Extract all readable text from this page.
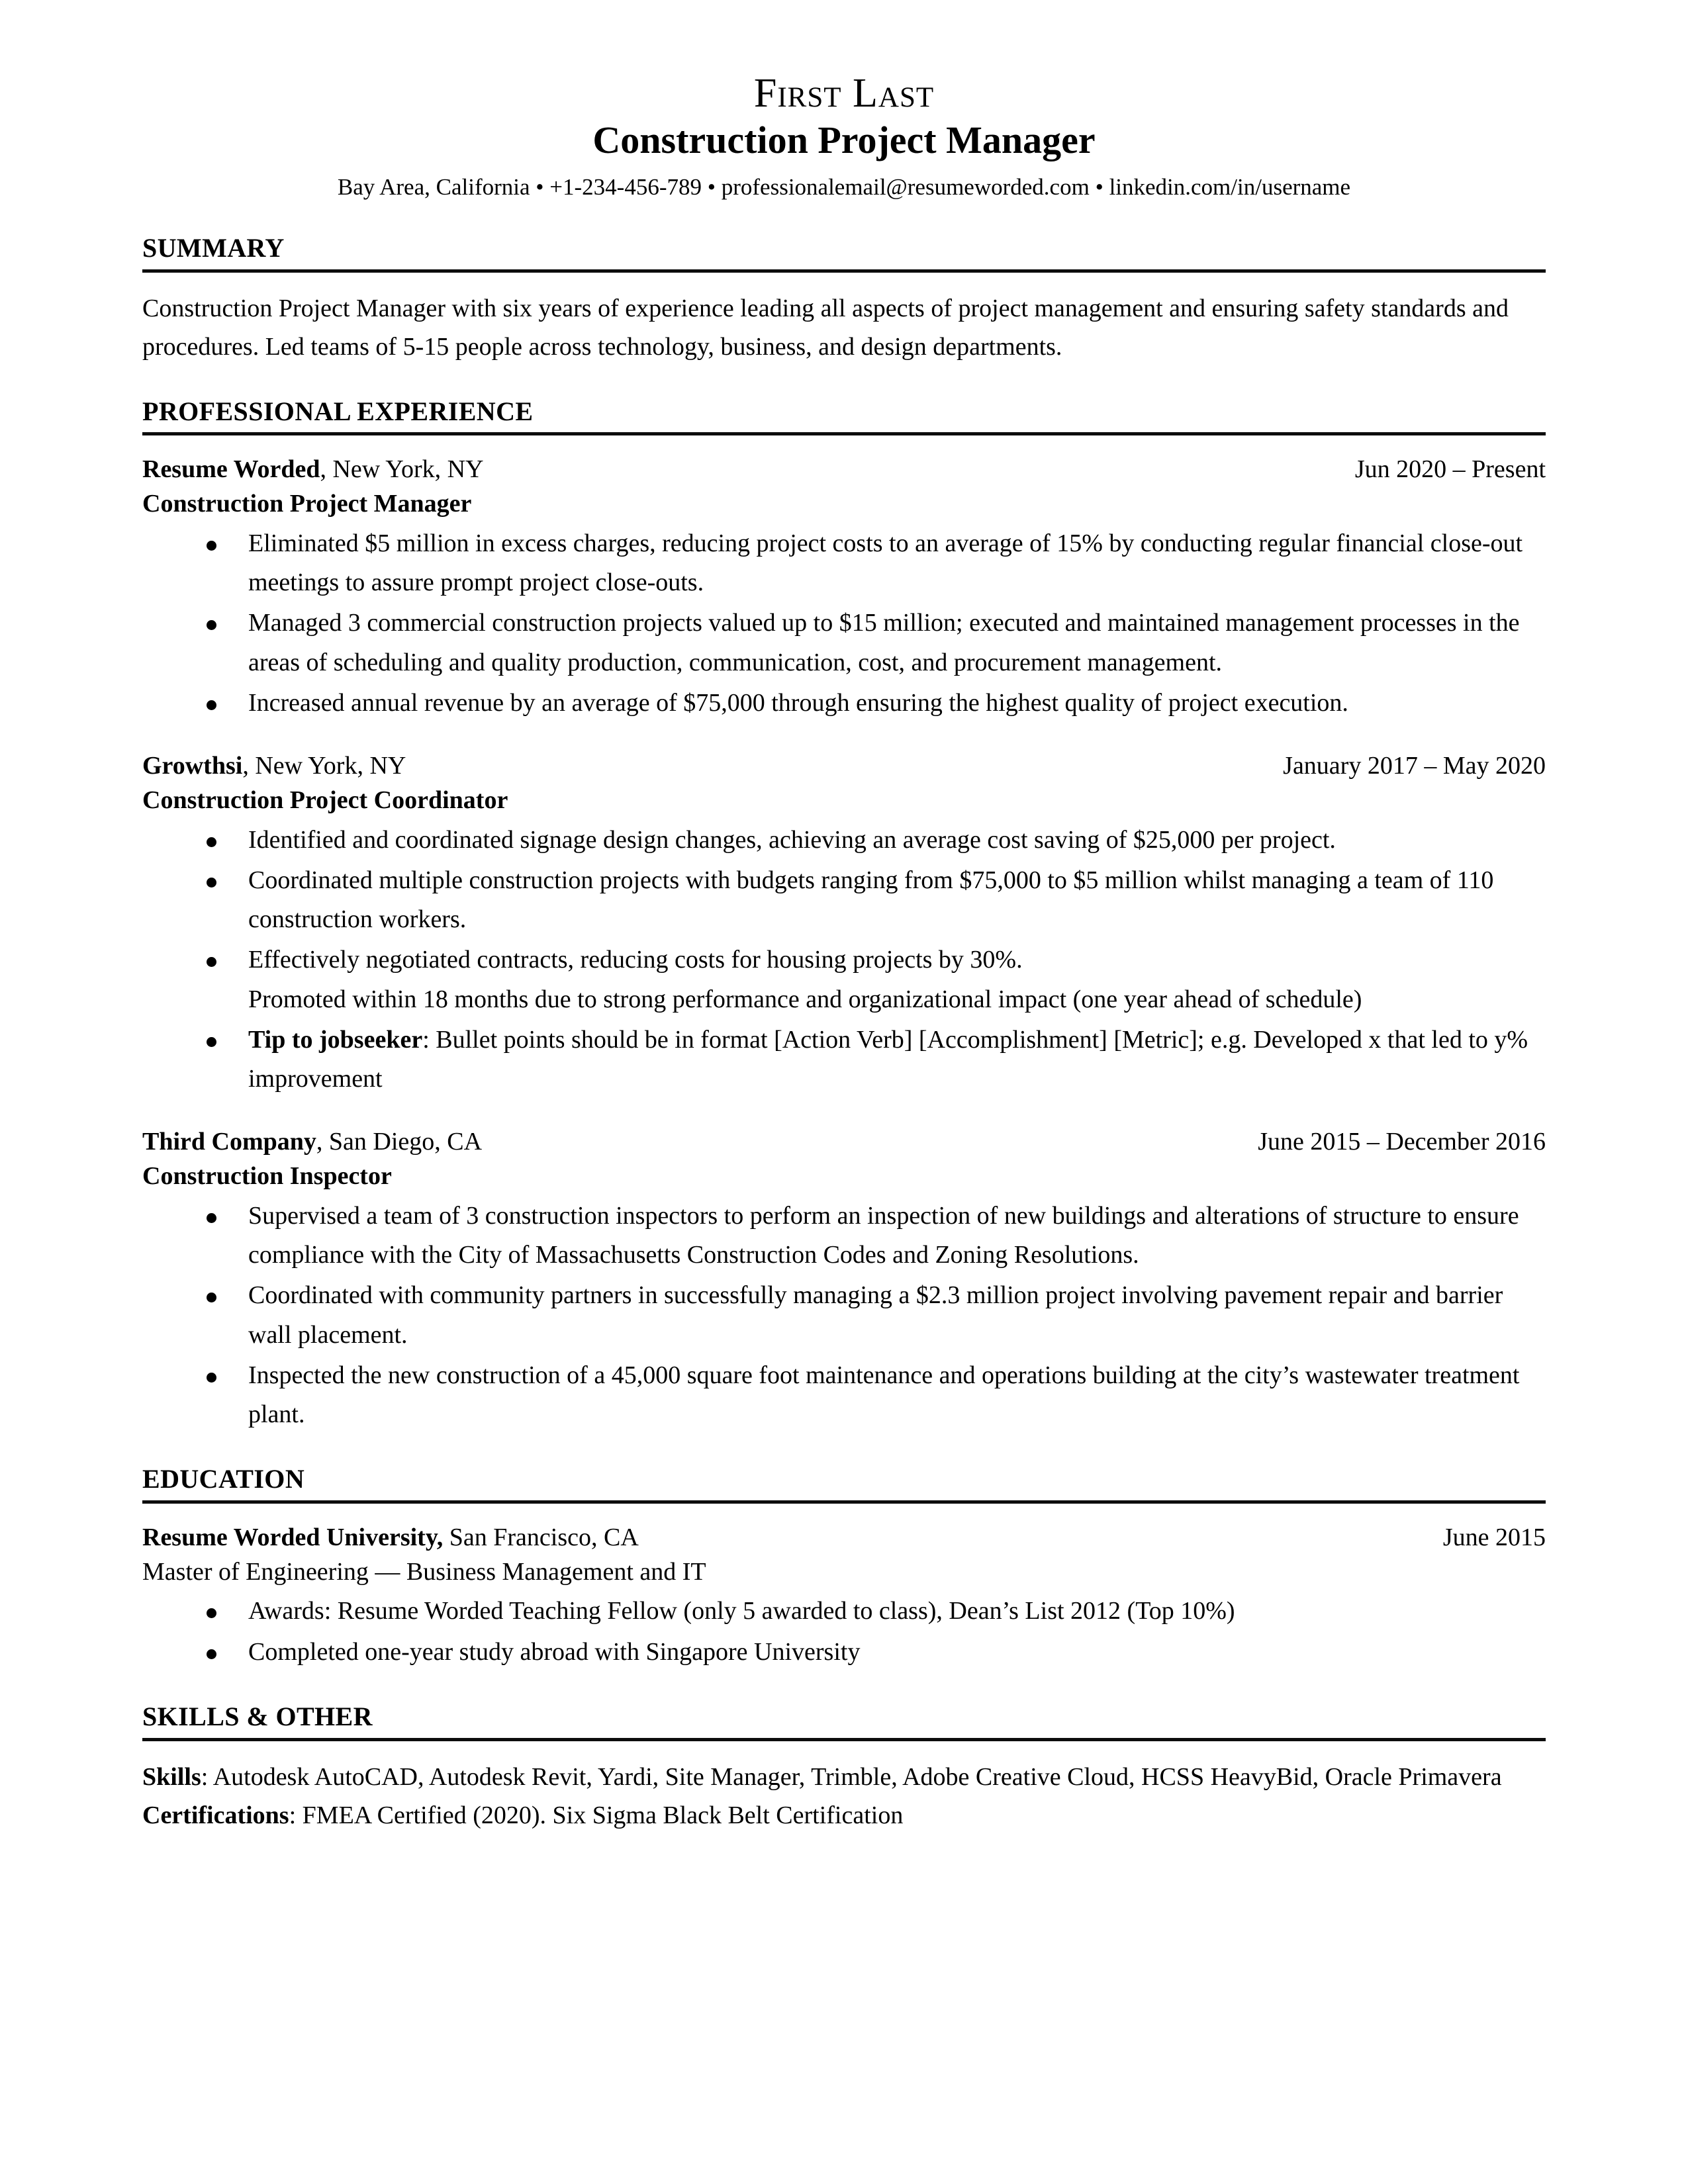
First Last
Construction Project Manager
Bay Area, California • +1-234-456-789 • professionalemail@resumeworded.com • linkedin.com/in/username
SUMMARY
Construction Project Manager with six years of experience leading all aspects of project management and ensuring safety standards and procedures. Led teams of 5-15 people across technology, business, and design departments.
PROFESSIONAL EXPERIENCE
Resume Worded, New York, NY	Jun 2020 – Present
Construction Project Manager
Eliminated $5 million in excess charges, reducing project costs to an average of 15% by conducting regular financial close-out meetings to assure prompt project close-outs.
Managed 3 commercial construction projects valued up to $15 million; executed and maintained management processes in the areas of scheduling and quality production, communication, cost, and procurement management.
Increased annual revenue by an average of $75,000 through ensuring the highest quality of project execution.
Growthsi, New York, NY	January 2017 – May 2020
Construction Project Coordinator
Identified and coordinated signage design changes, achieving an average cost saving of $25,000 per project.
Coordinated multiple construction projects with budgets ranging from $75,000 to $5 million whilst managing a team of 110 construction workers.
Effectively negotiated contracts, reducing costs for housing projects by 30%.
Promoted within 18 months due to strong performance and organizational impact (one year ahead of schedule)
Tip to jobseeker: Bullet points should be in format [Action Verb] [Accomplishment] [Metric]; e.g. Developed x that led to y% improvement
Third Company, San Diego, CA	June 2015 – December 2016
Construction Inspector
Supervised a team of 3 construction inspectors to perform an inspection of new buildings and alterations of structure to ensure compliance with the City of Massachusetts Construction Codes and Zoning Resolutions.
Coordinated with community partners in successfully managing a $2.3 million project involving pavement repair and barrier wall placement.
Inspected the new construction of a 45,000 square foot maintenance and operations building at the city’s wastewater treatment plant.
EDUCATION
Resume Worded University, San Francisco, CA	June 2015
Master of Engineering — Business Management and IT
Awards: Resume Worded Teaching Fellow (only 5 awarded to class), Dean’s List 2012 (Top 10%)
Completed one-year study abroad with Singapore University
SKILLS & OTHER
Skills: Autodesk AutoCAD, Autodesk Revit, Yardi, Site Manager, Trimble, Adobe Creative Cloud, HCSS HeavyBid, Oracle Primavera
Certifications: FMEA Certified (2020). Six Sigma Black Belt Certification
